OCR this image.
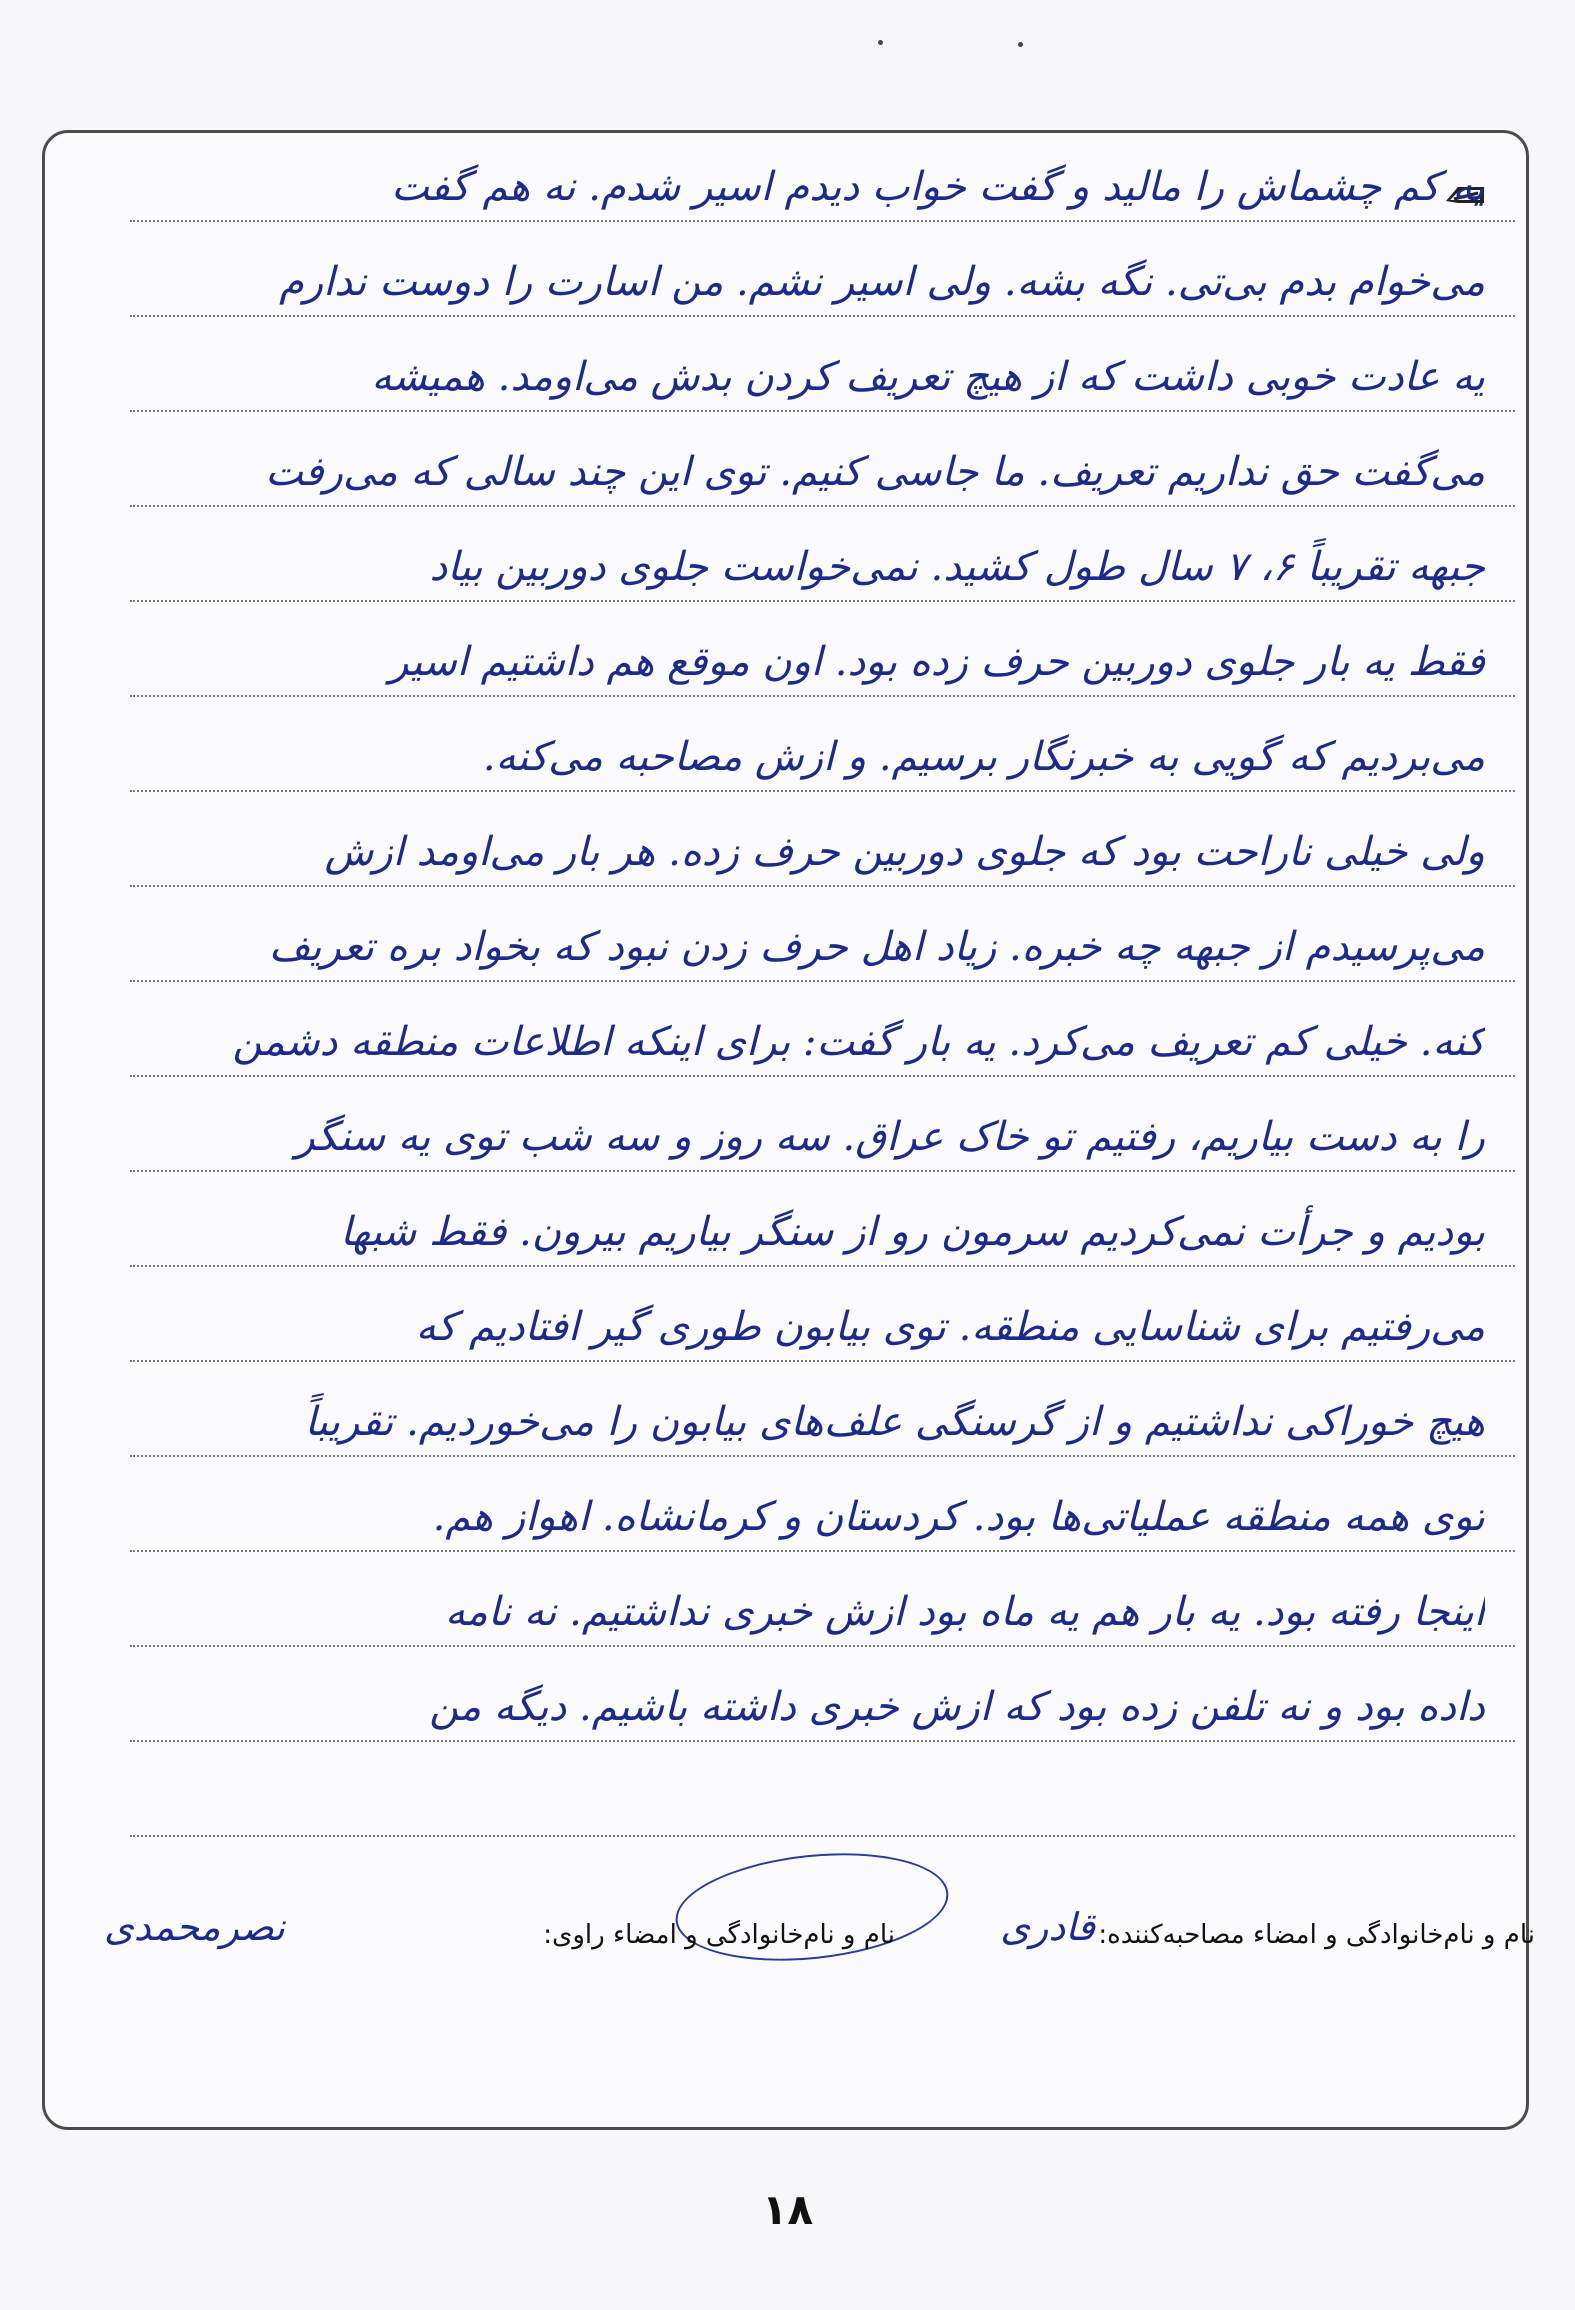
یه کم چشماش را مالید و گفت خواب دیدم اسیر شدم. نه هم گفت
می‌خوام بدم بی‌تی‌. نگه بشه. ولی اسیر نشم. من اسارت را دوست ندارم
یه عادت خوبی داشت که از هیچ تعریف کردن بدش می‌اومد. همیشه
می‌گفت حق نداریم تعریف. ما جاسی کنیم. توی این چند سالی که می‌رفت
جبهه تقریباً ۶، ۷ سال طول کشید. نمی‌خواست جلوی دوربین بیاد
فقط یه بار جلوی دوربین حرف زده بود. اون موقع هم داشتیم اسیر
می‌بردیم که گویی به خبرنگار برسیم. و ازش مصاحبه می‌کنه.
ولی خیلی ناراحت بود که جلوی دوربین حرف زده. هر بار می‌اومد ازش
می‌پرسیدم از جبهه چه خبره. زیاد اهل حرف زدن نبود که بخواد بره تعریف
کنه. خیلی کم تعریف می‌کرد. یه بار گفت: برای اینکه اطلاعات منطقه دشمن
را به دست بیاریم، رفتیم تو خاک عراق. سه روز و سه شب توی یه سنگر
بودیم و جرأت نمی‌کردیم سرمون رو از سنگر بیاریم بیرون. فقط شبها
می‌رفتیم برای شناسایی منطقه. توی بیابون طوری گیر افتادیم که
هیچ خوراکی نداشتیم و از گرسنگی علف‌های بیابون را می‌خوردیم. تقریباً
توی همه منطقه عملیاتی‌ها بود. کردستان و کرمانشاه. اهواز هم.
اینجا رفته بود. یه بار هم یه ماه بود ازش خبری نداشتیم. نه نامه
داده بود و نه تلفن زده بود که ازش خبری داشته باشیم. دیگه من
نام و نام‌خانوادگی و امضاء مصاحبه‌کننده:
قادری
نام و نام‌خانوادگی و امضاء راوی:
نصرمحمدی
۱۸
